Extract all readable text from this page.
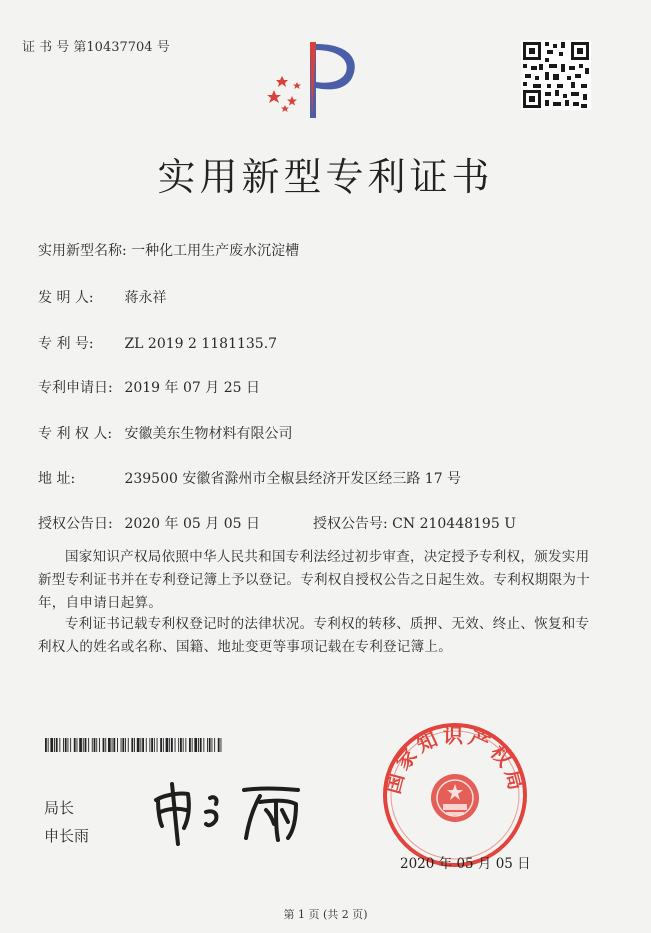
证 书 号 第10437704 号
实用新型专利证书
实用新型名称: 一种化工用生产废水沉淀槽
发 明 人: 蒋永祥
专 利 号: ZL 2019 2 1181135.7
专利申请日: 2019 年 07 月 25 日
专 利 权 人: 安徽美东生物材料有限公司
地 址:	239500 安徽省滁州市全椒县经济开发区经三路 17 号
授权公告日: 2020 年 05 月 05 日	授权公告号: CN 210448195 U
国家知识产权局依照中华人民共和国专利法经过初步审查，决定授予专利权，颁发实用新型专利证书并在专利登记簿上予以登记。专利权自授权公告之日起生效。专利权期限为十年，自申请日起算。
专利证书记载专利权登记时的法律状况。专利权的转移、质押、无效、终止、恢复和专利权人的姓名或名称、国籍、地址变更等事项记载在专利登记簿上。
局长
申长雨
国家知识产权局
2020 年 05 月 05 日
第 1 页 (共 2 页)
